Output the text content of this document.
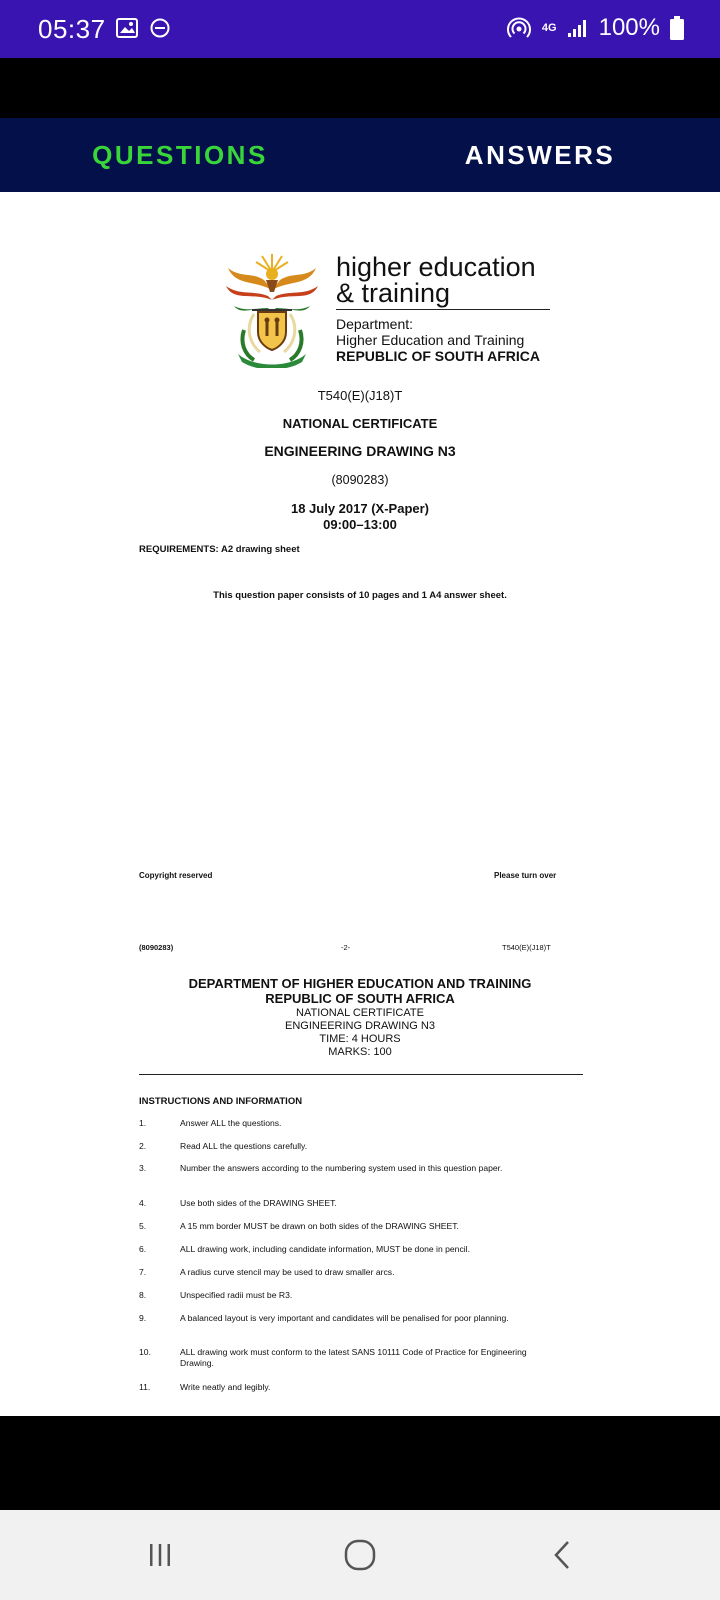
05:37	4G 100%
QUESTIONS	ANSWERS
higher education
& training
Department:
Higher Education and Training
REPUBLIC OF SOUTH AFRICA
T540(E)(J18)T
NATIONAL CERTIFICATE
ENGINEERING DRAWING N3
(8090283)
18 July 2017 (X-Paper)
09:00–13:00
REQUIREMENTS: A2 drawing sheet
This question paper consists of 10 pages and 1 A4 answer sheet.
Copyright reserved	Please turn over
(8090283)	-2-	T540(E)(J18)T
DEPARTMENT OF HIGHER EDUCATION AND TRAINING
REPUBLIC OF SOUTH AFRICA
NATIONAL CERTIFICATE
ENGINEERING DRAWING N3
TIME: 4 HOURS
MARKS: 100
INSTRUCTIONS AND INFORMATION
1.	Answer ALL the questions.
2.	Read ALL the questions carefully.
3.	Number the answers according to the numbering system used in this question paper.
4.	Use both sides of the DRAWING SHEET.
5.	A 15 mm border MUST be drawn on both sides of the DRAWING SHEET.
6.	ALL drawing work, including candidate information, MUST be done in pencil.
7.	A radius curve stencil may be used to draw smaller arcs.
8.	Unspecified radii must be R3.
9.	A balanced layout is very important and candidates will be penalised for poor planning.
10.	ALL drawing work must conform to the latest SANS 10111 Code of Practice for Engineering Drawing.
11.	Write neatly and legibly.
